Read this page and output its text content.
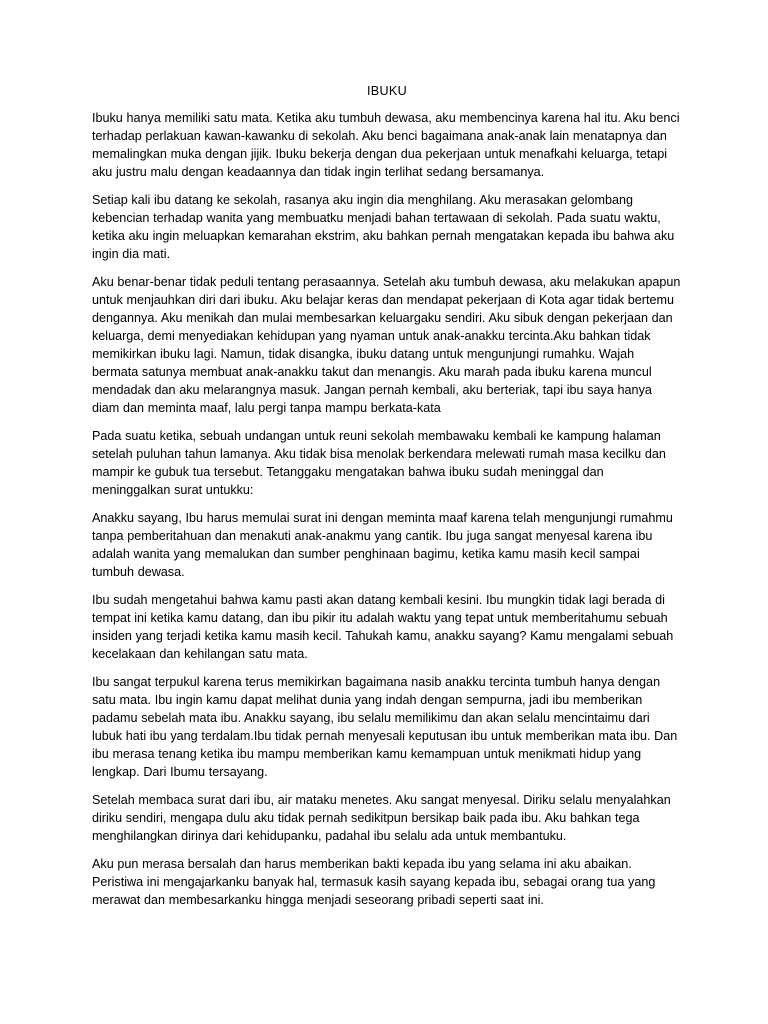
IBUKU

Ibuku hanya memiliki satu mata. Ketika aku tumbuh dewasa, aku membencinya karena hal itu. Aku benci terhadap perlakuan kawan-kawanku di sekolah. Aku benci bagaimana anak-anak lain menatapnya dan memalingkan muka dengan jijik. Ibuku bekerja dengan dua pekerjaan untuk menafkahi keluarga, tetapi aku justru malu dengan keadaannya dan tidak ingin terlihat sedang bersamanya.

Setiap kali ibu datang ke sekolah, rasanya aku ingin dia menghilang. Aku merasakan gelombang kebencian terhadap wanita yang membuatku menjadi bahan tertawaan di sekolah. Pada suatu waktu, ketika aku ingin meluapkan kemarahan ekstrim, aku bahkan pernah mengatakan kepada ibu bahwa aku ingin dia mati.

Aku benar-benar tidak peduli tentang perasaannya. Setelah aku tumbuh dewasa, aku melakukan apapun untuk menjauhkan diri dari ibuku. Aku belajar keras dan mendapat pekerjaan di Kota agar tidak bertemu dengannya. Aku menikah dan mulai membesarkan keluargaku sendiri. Aku sibuk dengan pekerjaan dan keluarga, demi menyediakan kehidupan yang nyaman untuk anak-anakku tercinta.Aku bahkan tidak memikirkan ibuku lagi. Namun, tidak disangka, ibuku datang untuk mengunjungi rumahku. Wajah bermata satunya membuat anak-anakku takut dan menangis. Aku marah pada ibuku karena muncul mendadak dan aku melarangnya masuk. Jangan pernah kembali, aku berteriak, tapi ibu saya hanya diam dan meminta maaf, lalu pergi tanpa mampu berkata-kata

Pada suatu ketika, sebuah undangan untuk reuni sekolah membawaku kembali ke kampung halaman setelah puluhan tahun lamanya. Aku tidak bisa menolak berkendara melewati rumah masa kecilku dan mampir ke gubuk tua tersebut. Tetanggaku mengatakan bahwa ibuku sudah meninggal dan meninggalkan surat untukku:

Anakku sayang, Ibu harus memulai surat ini dengan meminta maaf karena telah mengunjungi rumahmu tanpa pemberitahuan dan menakuti anak-anakmu yang cantik. Ibu juga sangat menyesal karena ibu adalah wanita yang memalukan dan sumber penghinaan bagimu, ketika kamu masih kecil sampai tumbuh dewasa.

Ibu sudah mengetahui bahwa kamu pasti akan datang kembali kesini. Ibu mungkin tidak lagi berada di tempat ini ketika kamu datang, dan ibu pikir itu adalah waktu yang tepat untuk memberitahumu sebuah insiden yang terjadi ketika kamu masih kecil. Tahukah kamu, anakku sayang? Kamu mengalami sebuah kecelakaan dan kehilangan satu mata.

Ibu sangat terpukul karena terus memikirkan bagaimana nasib anakku tercinta tumbuh hanya dengan satu mata. Ibu ingin kamu dapat melihat dunia yang indah dengan sempurna, jadi ibu memberikan padamu sebelah mata ibu. Anakku sayang, ibu selalu memilikimu dan akan selalu mencintaimu dari lubuk hati ibu yang terdalam.Ibu tidak pernah menyesali keputusan ibu untuk memberikan mata ibu. Dan ibu merasa tenang ketika ibu mampu memberikan kamu kemampuan untuk menikmati hidup yang lengkap. Dari Ibumu tersayang.

Setelah membaca surat dari ibu, air mataku menetes. Aku sangat menyesal. Diriku selalu menyalahkan diriku sendiri, mengapa dulu aku tidak pernah sedikitpun bersikap baik pada ibu. Aku bahkan tega menghilangkan dirinya dari kehidupanku, padahal ibu selalu ada untuk membantuku.

Aku pun merasa bersalah dan harus memberikan bakti kepada ibu yang selama ini aku abaikan. Peristiwa ini mengajarkanku banyak hal, termasuk kasih sayang kepada ibu, sebagai orang tua yang merawat dan membesarkanku hingga menjadi seseorang pribadi seperti saat ini.
